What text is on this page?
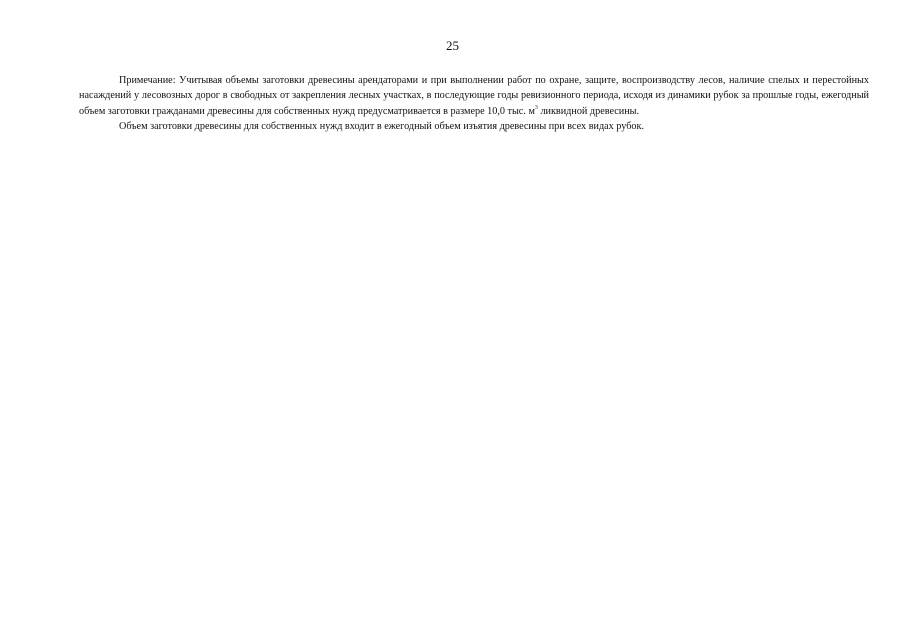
25

Примечание: Учитывая объемы заготовки древесины арендаторами и при выполнении работ по охране, защите, воспроизводству лесов, наличие спелых и перестойных насаждений у лесовозных дорог в свободных от закрепления лесных участках, в последующие годы ревизионного периода, исходя из динамики рубок за прошлые годы, ежегодный объем заготовки гражданами древесины для собственных нужд предусматривается в размере 10,0 тыс. $м^3$ ликвидной древесины.

Объем заготовки древесины для собственных нужд входит в ежегодный объем изъятия древесины при всех видах рубок.
